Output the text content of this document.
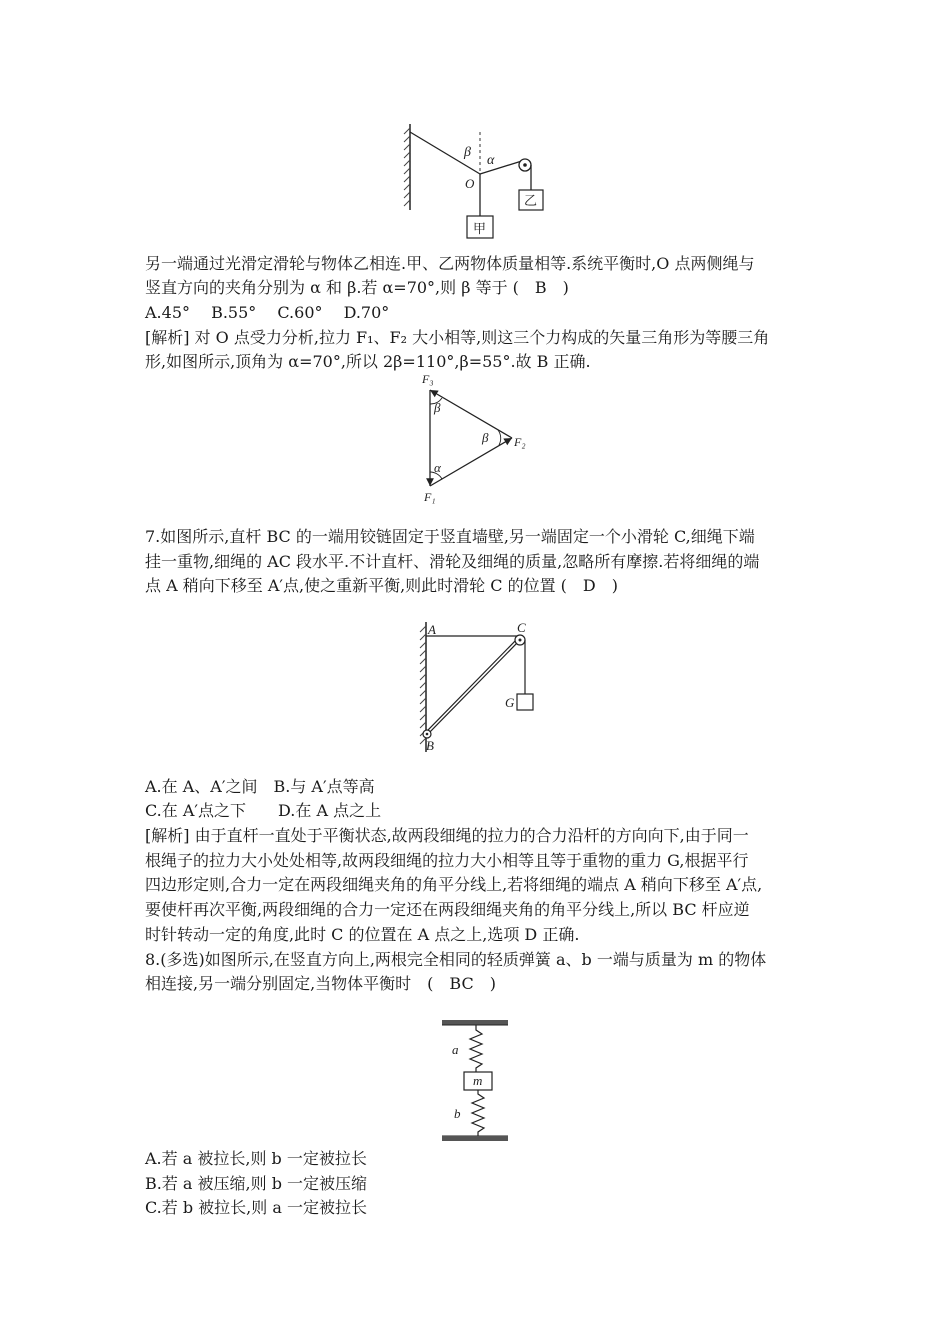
β
α
O
甲
乙
另一端通过光滑定滑轮与物体乙相连.甲、乙两物体质量相等.系统平衡时,O 点两侧绳与
竖直方向的夹角分别为 α 和 β.若 α=70°,则 β 等于 (　B　)
A.45°　 B.55°　 C.60°　 D.70°
[解析] 对 O 点受力分析,拉力 F₁、F₂ 大小相等,则这三个力构成的矢量三角形为等腰三角
形,如图所示,顶角为 α=70°,所以 2β=110°,β=55°.故 B 正确.
F₃
F₂
F₁
β
β
α
7.如图所示,直杆 BC 的一端用铰链固定于竖直墙壁,另一端固定一个小滑轮 C,细绳下端
挂一重物,细绳的 AC 段水平.不计直杆、滑轮及细绳的质量,忽略所有摩擦.若将细绳的端
点 A 稍向下移至 A′点,使之重新平衡,则此时滑轮 C 的位置 (　D　)
A	C
G
B
A.在 A、A′之间　B.与 A′点等高
C.在 A′点之下　　D.在 A 点之上
[解析] 由于直杆一直处于平衡状态,故两段细绳的拉力的合力沿杆的方向向下,由于同一
根绳子的拉力大小处处相等,故两段细绳的拉力大小相等且等于重物的重力 G,根据平行
四边形定则,合力一定在两段细绳夹角的角平分线上,若将细绳的端点 A 稍向下移至 A′点,
要使杆再次平衡,两段细绳的合力一定还在两段细绳夹角的角平分线上,所以 BC 杆应逆
时针转动一定的角度,此时 C 的位置在 A 点之上,选项 D 正确.
8.(多选)如图所示,在竖直方向上,两根完全相同的轻质弹簧 a、b 一端与质量为 m 的物体
相连接,另一端分别固定,当物体平衡时　(　BC　)
a
m
b
A.若 a 被拉长,则 b 一定被拉长
B.若 a 被压缩,则 b 一定被压缩
C.若 b 被拉长,则 a 一定被拉长
